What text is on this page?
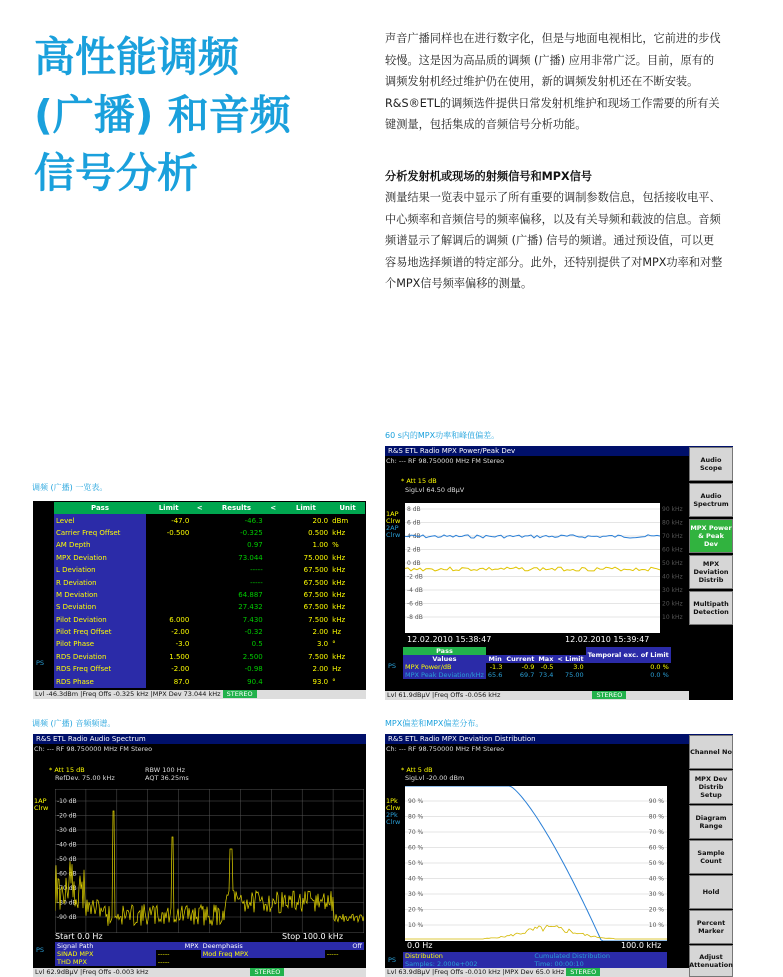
高性能调频
(广播) 和音频
信号分析

声音广播同样也在进行数字化，但是与地面电视相比，它前进的步伐较慢。这是因为高品质的调频 (广播) 应用非常广泛。目前，原有的调频发射机经过维护仍在使用，新的调频发射机还在不断安装。R&S®ETL的调频选件提供日常发射机维护和现场工作需要的所有关键测量，包括集成的音频信号分析功能。

分析发射机或现场的射频信号和MPX信号

测量结果一览表中显示了所有重要的调制参数信息，包括接收电平、中心频率和音频信号的频率偏移，以及有关导频和载波的信息。音频频谱显示了解调后的调频 (广播) 信号的频谱。通过预设值，可以更容易地选择频谱的特定部分。此外，还特别提供了对MPX功率和对整个MPX信号频率偏移的测量。

60 s内的MPX功率和峰值偏差。
调频 (广播) 一览表。
调频 (广播) 音频频谱。	MPX偏差和MPX偏差分布。
PS
Pass	Limit	<	Results	<	Limit	Unit
Level	-47.0		-46.3		20.0	dBm
Carrier Freq Offset	-0.500		-0.325		0.500	kHz
AM Depth			0.97		1.00	%
MPX Deviation			73.044		75.000	kHz
L Deviation			-----		67.500	kHz
R Deviation			-----		67.500	kHz
M Deviation			64.887		67.500	kHz
S Deviation			27.432		67.500	kHz
Pilot Deviation	6.000		7.430		7.500	kHz
Pilot Freq Offset	-2.00		-0.32		2.00	Hz
Pilot Phase	-3.0		0.5		3.0	°
RDS Deviation	1.500		2.500		7.500	kHz
RDS Freq Offset	-2.00		-0.98		2.00	Hz
RDS Phase	87.0		90.4		93.0	°
Lvl -46.3dBm |Freq Offs -0.325 kHz |MPX Dev 73.044 kHz STEREO
R&S ETL Radio MPX Power/Peak Dev
Ch: --- RF 98.750000 MHz FM Stereo
* Att 15 dB
SigLvl 64.50 dBµV
1AP
Clrw
2AP
Clrw
8 dB	90 kHz
6 dB	80 kHz
4 dB	70 kHz
2 dB	60 kHz
0 dB	50 kHz
-2 dB	40 kHz
-4 dB	30 kHz
-6 dB	20 kHz
-8 dB	10 kHz
12.02.2010 15:38:47	12.02.2010 15:39:47
PS
Pass					Temporal exc. of Limit
Values	Min	Current	Max	< Limit	
MPX Power/dB	-1.3	-0.9	-0.5	3.0	0.0 %
MPX Peak Deviation/kHz	65.6	69.7	73.4	75.00	0.0 %
Lvl 61.9dBµV |Freq Offs -0.056 kHz	STEREO
Audio Scope
Audio Spectrum
MPX Power & Peak Dev
MPX Deviation Distrib
Multipath Detection
R&S ETL Radio Audio Spectrum
Ch: --- RF 98.750000 MHz FM Stereo
* Att 15 dB
RefDev. 75.00 kHz
RBW 100 Hz
AQT 36.25ms
1AP
Clrw
-10 dB
-20 dB
-30 dB
-40 dB
-50 dB
-60 dB
-70 dB
-80 dB
-90 dB
Start 0.0 Hz	Stop 100.0 kHz
PS Signal Path	MPX	Deemphasis	Off
SINAD MPX	-----	Mod Freq MPX	-----
THD MPX	-----		
Lvl 62.9dBµV |Freq Offs -0.003 kHz	STEREO
R&S ETL Radio MPX Deviation Distribution
Ch: --- RF 98.750000 MHz FM Stereo
* Att 5 dB
SigLvl -20.00 dBm
1Pk
Clrw
2Pk
Clrw
90 %	90 %
80 %	80 %
70 %	70 %
60 %	60 %
50 %	50 %
40 %	40 %
30 %	30 %
20 %	20 %
10 %	10 %
0.0 Hz	100.0 kHz
PS Distribution	Cumulated Distribution
Samples: 2.000e+002	Time: 00:00:10
Lvl 63.9dBµV |Freq Offs -0.010 kHz |MPX Dev 65.0 kHz STEREO
Channel No
MPX Dev Distrib Setup
Diagram Range
Sample Count
Hold
Percent Marker
Adjust Attenuation
